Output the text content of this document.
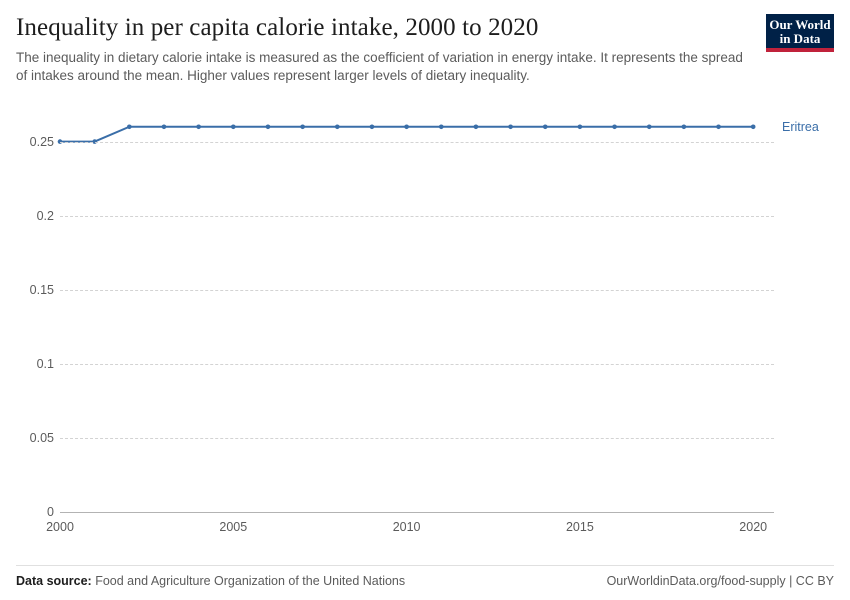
Inequality in per capita calorie intake, 2000 to 2020

The inequality in dietary calorie intake is measured as the coefficient of variation in energy intake. It represents the spread of intakes around the mean. Higher values represent larger levels of dietary inequality.

Our World
in Data
0
0.05
0.1
0.15
0.2
0.25
2000	2005	2010	2015	2020
Eritrea
Data source: Food and Agriculture Organization of the United Nations	OurWorldinData.org/food-supply | CC BY
